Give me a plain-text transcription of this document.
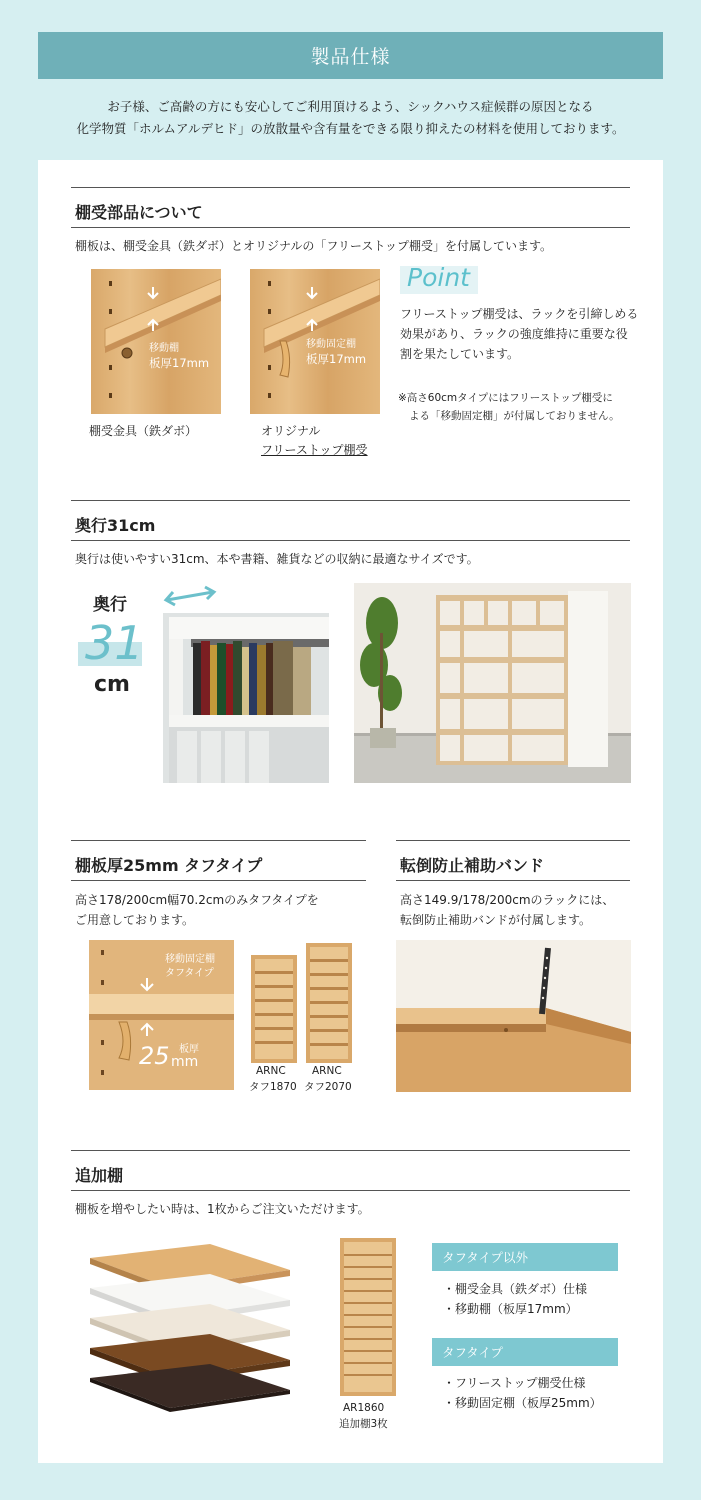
製品仕様
お子様、ご高齢の方にも安心してご利用頂けるよう、シックハウス症候群の原因となる
化学物質「ホルムアルデヒド」の放散量や含有量をできる限り抑えたの材料を使用しております。
棚受部品について
棚板は、棚受金具（鉄ダボ）とオリジナルの「フリーストップ棚受」を付属しています。
移動棚
板厚17mm
棚受金具（鉄ダボ）
移動固定棚
板厚17mm
オリジナル
フリーストップ棚受
Point
フリーストップ棚受は、ラックを引締しめる
効果があり、ラックの強度維持に重要な役
割を果たしています。
※高さ60cmタイプにはフリーストップ棚受に
よる「移動固定棚」が付属しておりません。
奥行31cm
奥行は使いやすい31cm、本や書籍、雑貨などの収納に最適なサイズです。
奥行
31
cm
棚板厚25mm タフタイプ
高さ178/200cm幅70.2cmのみタフタイプを
ご用意しております。
移動固定棚
タフタイプ
板厚
25 mm
ARNC
タフ1870
ARNC
タフ2070
転倒防止補助バンド
高さ149.9/178/200cmのラックには、
転倒防止補助バンドが付属します。
追加棚
棚板を増やしたい時は、1枚からご注文いただけます。
AR1860
追加棚3枚
タフタイプ以外
・棚受金具（鉄ダボ）仕様
・移動棚（板厚17mm）
タフタイプ
・フリーストップ棚受仕様
・移動固定棚（板厚25mm）
